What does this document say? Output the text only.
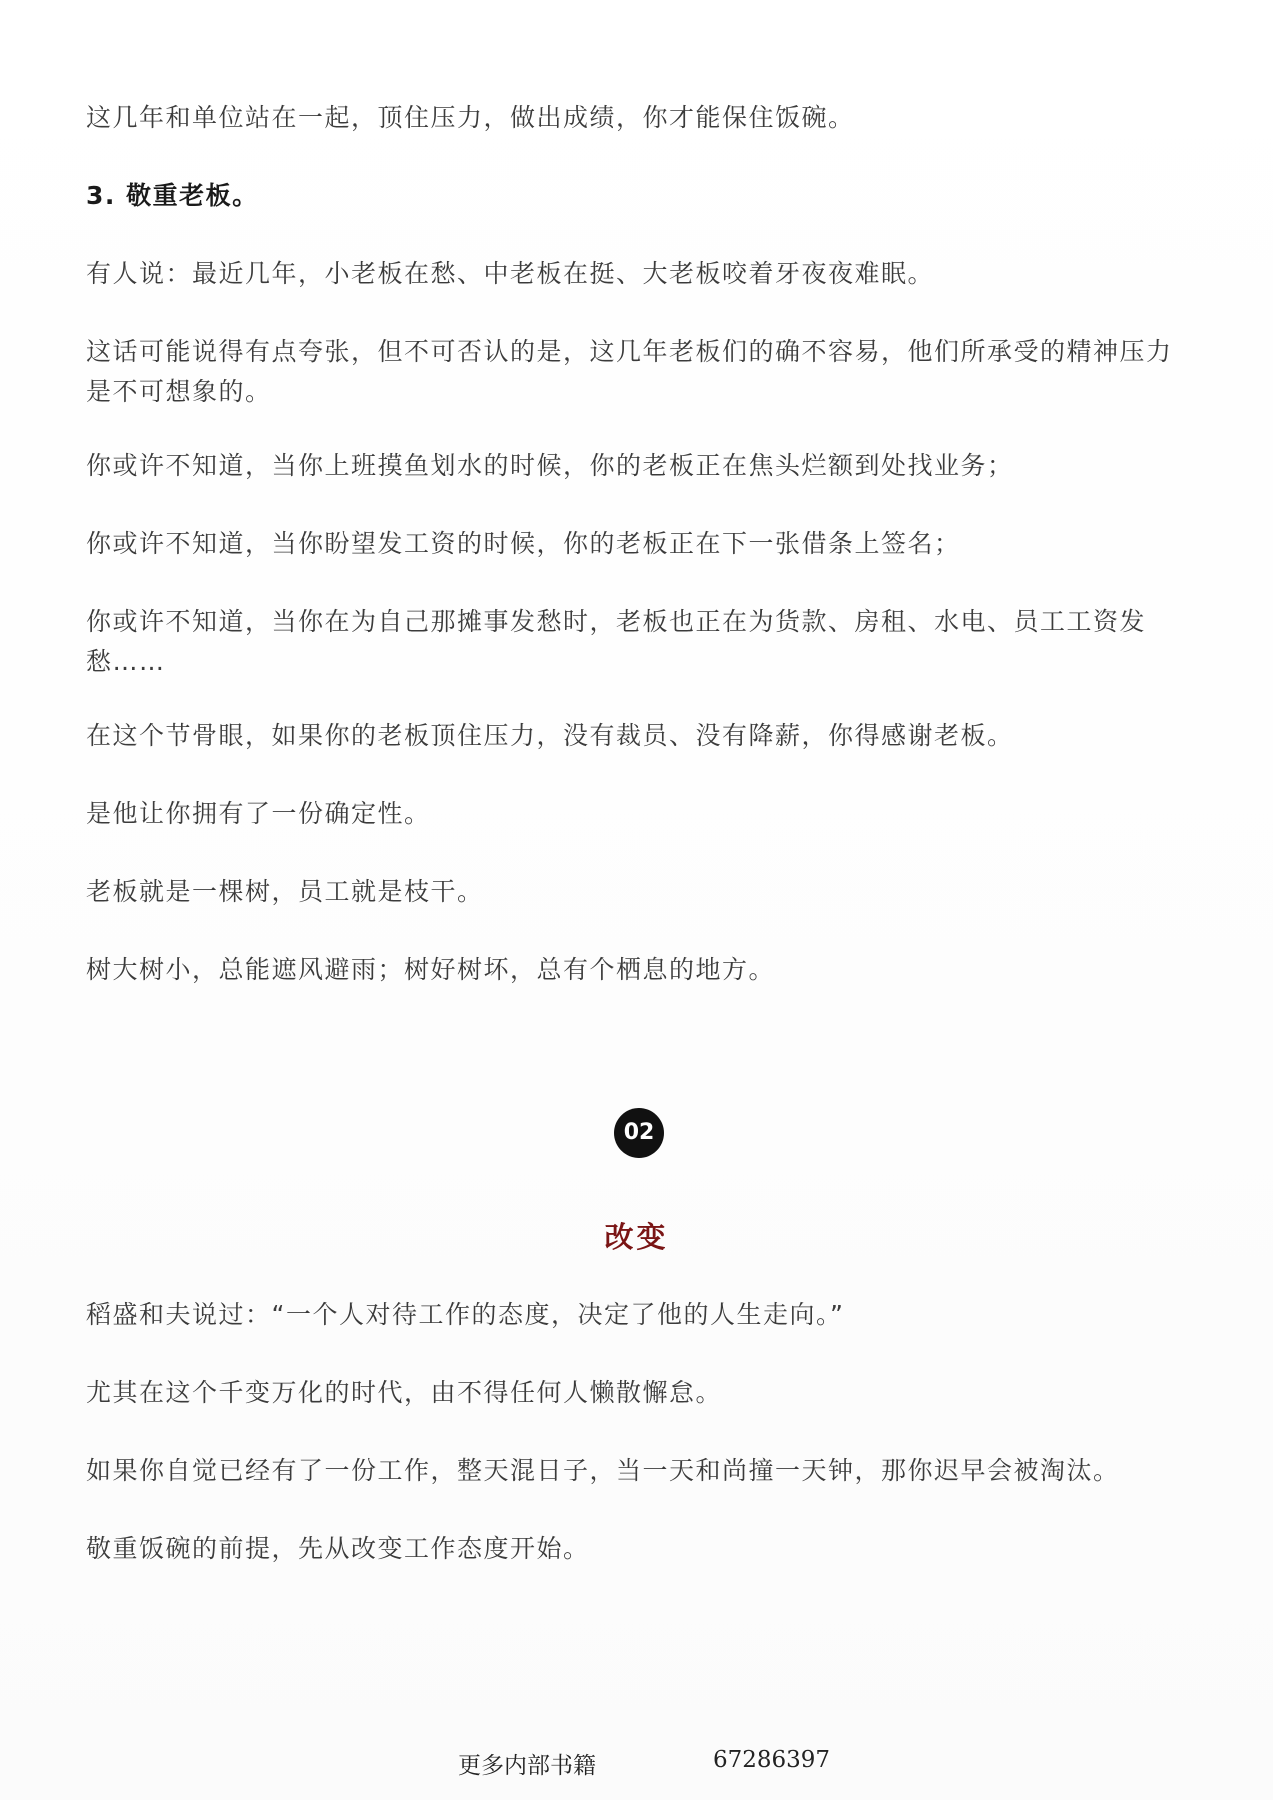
这几年和单位站在一起，顶住压力，做出成绩，你才能保住饭碗。

3. 敬重老板。

有人说：最近几年，小老板在愁、中老板在挺、大老板咬着牙夜夜难眠。

这话可能说得有点夸张，但不可否认的是，这几年老板们的确不容易，他们所承受的精神压力是不可想象的。

你或许不知道，当你上班摸鱼划水的时候，你的老板正在焦头烂额到处找业务；

你或许不知道，当你盼望发工资的时候，你的老板正在下一张借条上签名；

你或许不知道，当你在为自己那摊事发愁时，老板也正在为货款、房租、水电、员工工资发愁……

在这个节骨眼，如果你的老板顶住压力，没有裁员、没有降薪，你得感谢老板。

是他让你拥有了一份确定性。

老板就是一棵树，员工就是枝干。

树大树小，总能遮风避雨；树好树坏，总有个栖息的地方。

02
改变

稻盛和夫说过：“一个人对待工作的态度，决定了他的人生走向。”

尤其在这个千变万化的时代，由不得任何人懒散懈怠。

如果你自觉已经有了一份工作，整天混日子，当一天和尚撞一天钟，那你迟早会被淘汰。

敬重饭碗的前提，先从改变工作态度开始。

更多内部书籍	67286397
